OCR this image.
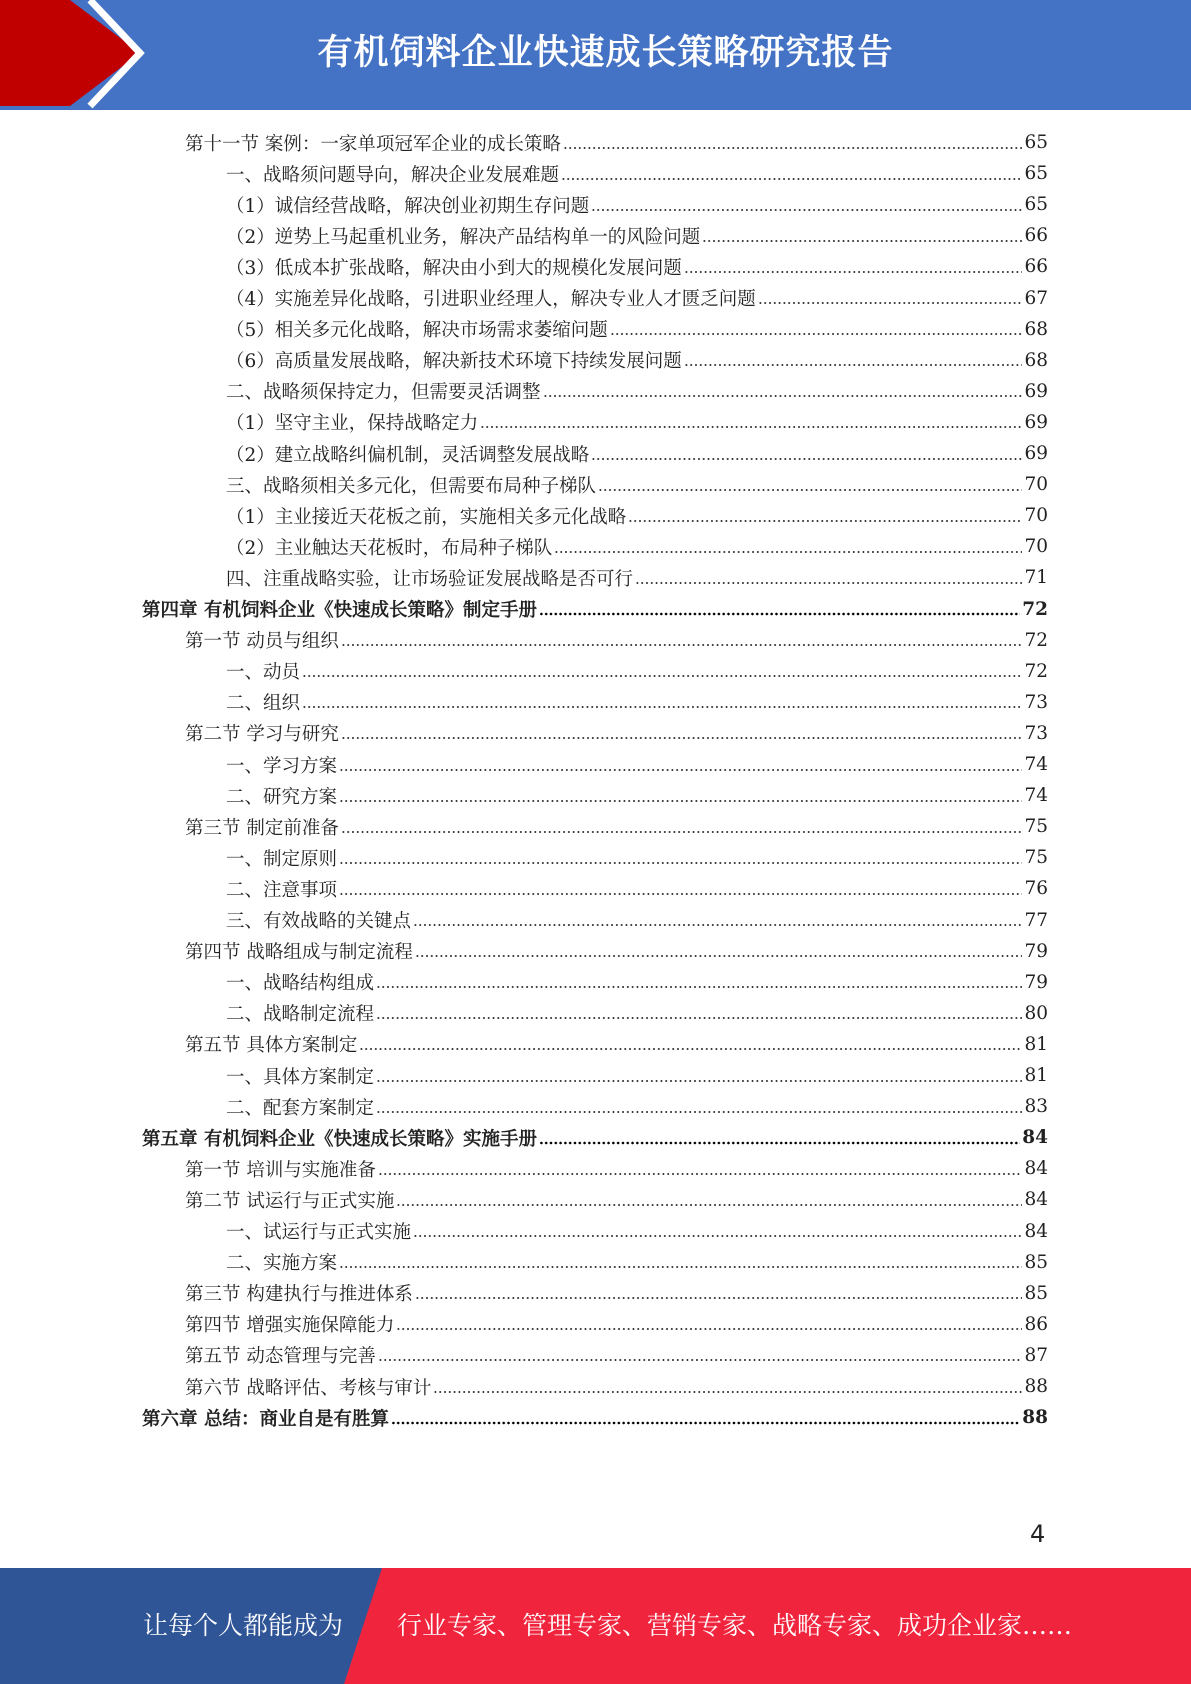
有机饲料企业快速成长策略研究报告
第十一节 案例：一家单项冠军企业的成长策略	65
一、战略须问题导向，解决企业发展难题	65
（1）诚信经营战略，解决创业初期生存问题	65
（2）逆势上马起重机业务，解决产品结构单一的风险问题	66
（3）低成本扩张战略，解决由小到大的规模化发展问题	66
（4）实施差异化战略，引进职业经理人，解决专业人才匮乏问题	67
（5）相关多元化战略，解决市场需求萎缩问题	68
（6）高质量发展战略，解决新技术环境下持续发展问题	68
二、战略须保持定力，但需要灵活调整	69
（1）坚守主业，保持战略定力	69
（2）建立战略纠偏机制，灵活调整发展战略	69
三、战略须相关多元化，但需要布局种子梯队	70
（1）主业接近天花板之前，实施相关多元化战略	70
（2）主业触达天花板时，布局种子梯队	70
四、注重战略实验，让市场验证发展战略是否可行	71
第四章 有机饲料企业《快速成长策略》制定手册	72
第一节 动员与组织	72
一、动员	72
二、组织	73
第二节 学习与研究	73
一、学习方案	74
二、研究方案	74
第三节 制定前准备	75
一、制定原则	75
二、注意事项	76
三、有效战略的关键点	77
第四节 战略组成与制定流程	79
一、战略结构组成	79
二、战略制定流程	80
第五节 具体方案制定	81
一、具体方案制定	81
二、配套方案制定	83
第五章 有机饲料企业《快速成长策略》实施手册	84
第一节 培训与实施准备	84
第二节 试运行与正式实施	84
一、试运行与正式实施	84
二、实施方案	85
第三节 构建执行与推进体系	85
第四节 增强实施保障能力	86
第五节 动态管理与完善	87
第六节 战略评估、考核与审计	88
第六章 总结：商业自是有胜算	88
4
让每个人都能成为 行业专家、管理专家、营销专家、战略专家、成功企业家……
